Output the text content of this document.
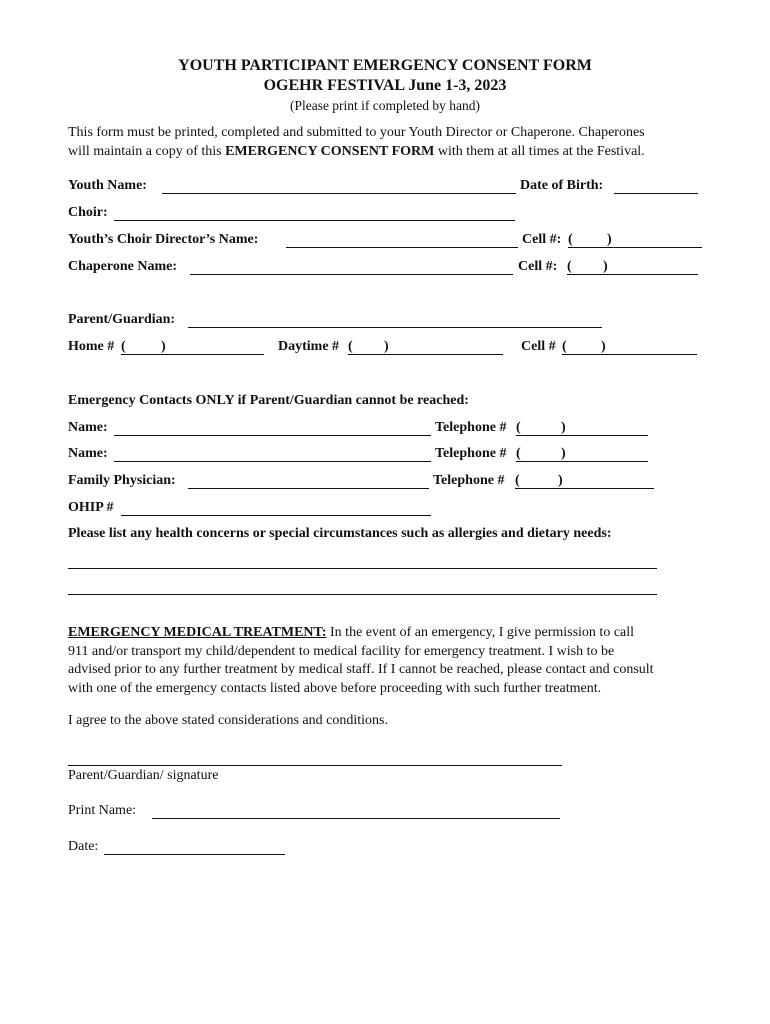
YOUTH PARTICIPANT EMERGENCY CONSENT FORM
OGEHR FESTIVAL June 1-3, 2023
(Please print if completed by hand)
This form must be printed, completed and submitted to your Youth Director or Chaperone. Chaperones
will maintain a copy of this EMERGENCY CONSENT FORM with them at all times at the Festival.
Youth Name:	Date of Birth:
Choir:
Youth’s Choir Director’s Name:	Cell #: ( )
Chaperone Name:	Cell #: ( )
Parent/Guardian:
Home # (	)	Daytime # ( )	Cell # ( )
Emergency Contacts ONLY if Parent/Guardian cannot be reached:
Name:	Telephone # (	)
Name:	Telephone # (	)
Family Physician:	Telephone # (	)
OHIP #
Please list any health concerns or special circumstances such as allergies and dietary needs:
EMERGENCY MEDICAL TREATMENT: In the event of an emergency, I give permission to call
911 and/or transport my child/dependent to medical facility for emergency treatment. I wish to be
advised prior to any further treatment by medical staff. If I cannot be reached, please contact and consult
with one of the emergency contacts listed above before proceeding with such further treatment.
I agree to the above stated considerations and conditions.
Parent/Guardian/ signature
Print Name:
Date:
